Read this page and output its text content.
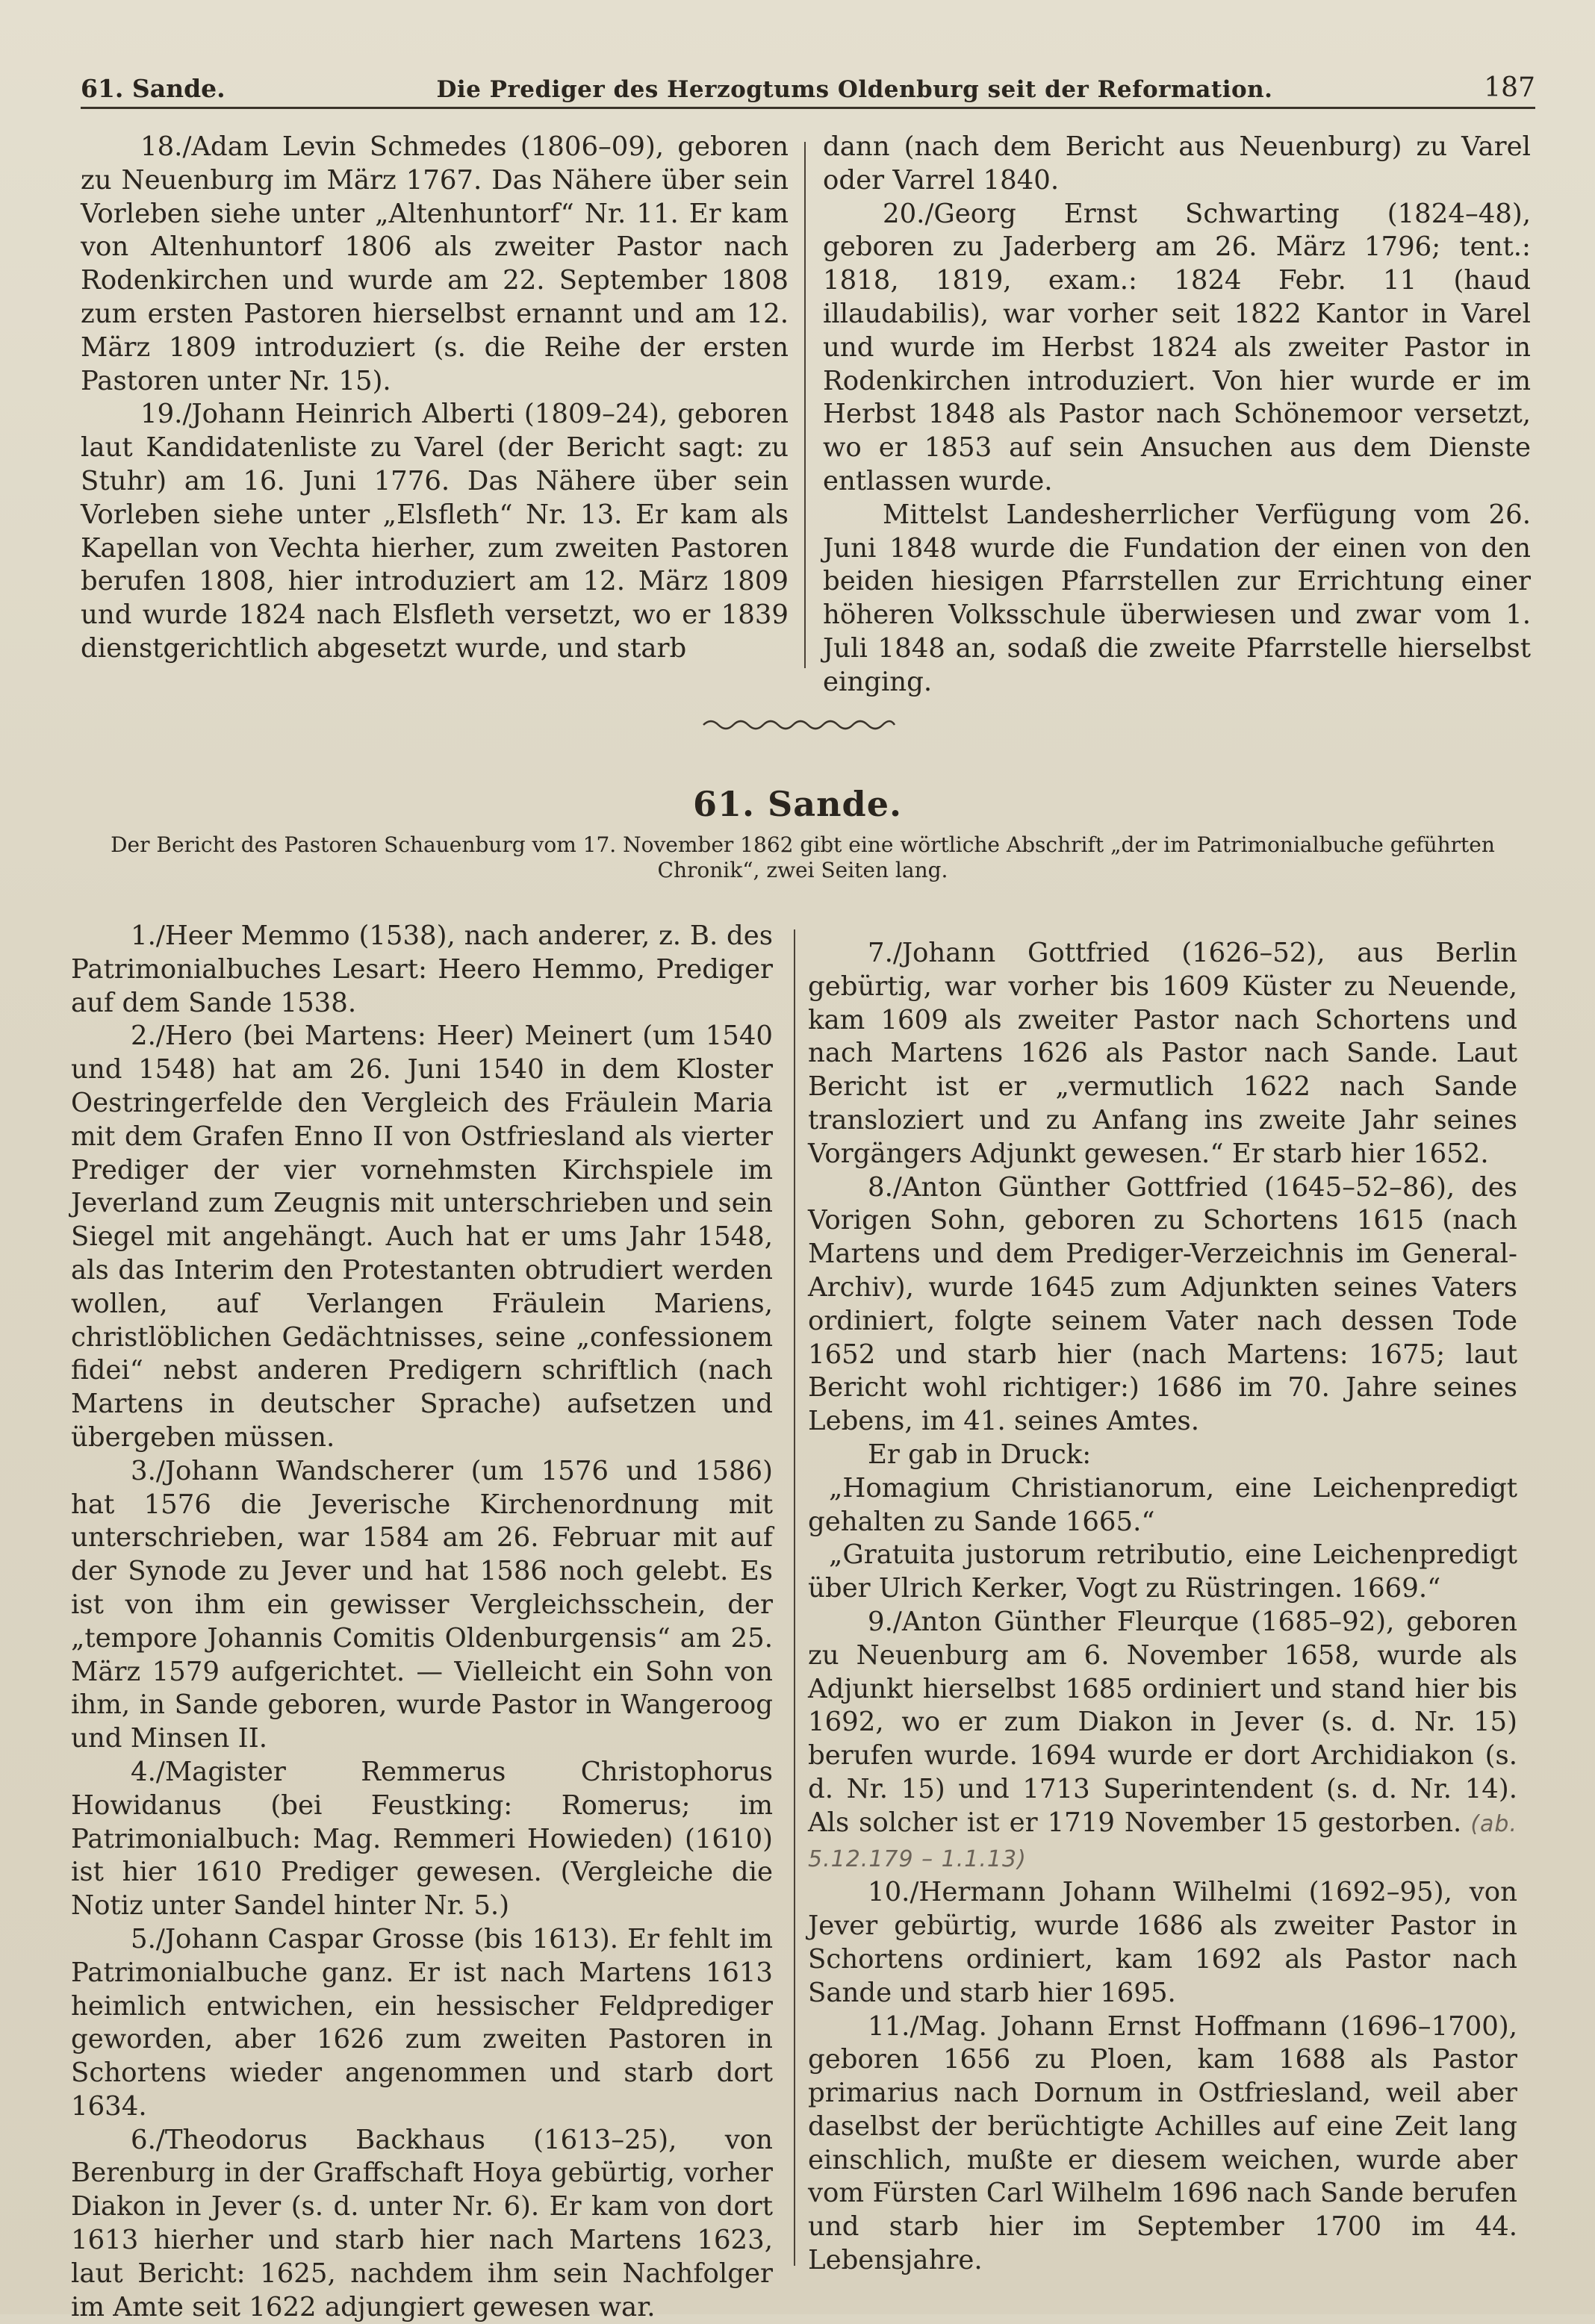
61. Sande.	Die Prediger des Herzogtums Oldenburg seit der Reformation.	187

18./Adam Levin Schmedes (1806–09), geboren zu Neuenburg im März 1767. Das Nähere über sein Vorleben siehe unter „Altenhuntorf“ Nr. 11. Er kam von Altenhuntorf 1806 als zweiter Pastor nach Rodenkirchen und wurde am 22. September 1808 zum ersten Pastoren hierselbst ernannt und am 12. März 1809 introduziert (s. die Reihe der ersten Pastoren unter Nr. 15).

19./Johann Heinrich Alberti (1809–24), geboren laut Kandidatenliste zu Varel (der Bericht sagt: zu Stuhr) am 16. Juni 1776. Das Nähere über sein Vorleben siehe unter „Elsfleth“ Nr. 13. Er kam als Kapellan von Vechta hierher, zum zweiten Pastoren berufen 1808, hier introduziert am 12. März 1809 und wurde 1824 nach Elsfleth versetzt, wo er 1839 dienstgerichtlich abgesetzt wurde, und starb

dann (nach dem Bericht aus Neuenburg) zu Varel oder Varrel 1840.

20./Georg Ernst Schwarting (1824–48), geboren zu Jaderberg am 26. März 1796; tent.: 1818, 1819, exam.: 1824 Febr. 11 (haud illaudabilis), war vorher seit 1822 Kantor in Varel und wurde im Herbst 1824 als zweiter Pastor in Rodenkirchen introduziert. Von hier wurde er im Herbst 1848 als Pastor nach Schönemoor versetzt, wo er 1853 auf sein Ansuchen aus dem Dienste entlassen wurde.

Mittelst Landesherrlicher Verfügung vom 26. Juni 1848 wurde die Fundation der einen von den beiden hiesigen Pfarrstellen zur Errichtung einer höheren Volksschule überwiesen und zwar vom 1. Juli 1848 an, sodaß die zweite Pfarrstelle hierselbst einging.

61. Sande.
Der Bericht des Pastoren Schauenburg vom 17. November 1862 gibt eine wörtliche Abschrift „der im Patrimonialbuche geführten Chronik“, zwei Seiten lang.

1./Heer Memmo (1538), nach anderer, z. B. des Patrimonialbuches Lesart: Heero Hemmo, Prediger auf dem Sande 1538.

2./Hero (bei Martens: Heer) Meinert (um 1540 und 1548) hat am 26. Juni 1540 in dem Kloster Oestringerfelde den Vergleich des Fräulein Maria mit dem Grafen Enno II von Ostfriesland als vierter Prediger der vier vornehmsten Kirchspiele im Jeverland zum Zeugnis mit unterschrieben und sein Siegel mit angehängt. Auch hat er ums Jahr 1548, als das Interim den Protestanten obtrudiert werden wollen, auf Verlangen Fräulein Mariens, christlöblichen Gedächtnisses, seine „confessionem fidei“ nebst anderen Predigern schriftlich (nach Martens in deutscher Sprache) aufsetzen und übergeben müssen.

3./Johann Wandscherer (um 1576 und 1586) hat 1576 die Jeverische Kirchenordnung mit unterschrieben, war 1584 am 26. Februar mit auf der Synode zu Jever und hat 1586 noch gelebt. Es ist von ihm ein gewisser Vergleichsschein, der „tempore Johannis Comitis Oldenburgensis“ am 25. März 1579 aufgerichtet. — Vielleicht ein Sohn von ihm, in Sande geboren, wurde Pastor in Wangeroog und Minsen II.

4./Magister Remmerus Christophorus Howidanus (bei Feustking: Romerus; im Patrimonialbuch: Mag. Remmeri Howieden) (1610) ist hier 1610 Prediger gewesen. (Vergleiche die Notiz unter Sandel hinter Nr. 5.)

5./Johann Caspar Grosse (bis 1613). Er fehlt im Patrimonialbuche ganz. Er ist nach Martens 1613 heimlich entwichen, ein hessischer Feldprediger geworden, aber 1626 zum zweiten Pastoren in Schortens wieder angenommen und starb dort 1634.

6./Theodorus Backhaus (1613–25), von Berenburg in der Graffschaft Hoya gebürtig, vorher Diakon in Jever (s. d. unter Nr. 6). Er kam von dort 1613 hierher und starb hier nach Martens 1623, laut Bericht: 1625, nachdem ihm sein Nachfolger im Amte seit 1622 adjungiert gewesen war.

7./Johann Gottfried (1626–52), aus Berlin gebürtig, war vorher bis 1609 Küster zu Neuende, kam 1609 als zweiter Pastor nach Schortens und nach Martens 1626 als Pastor nach Sande. Laut Bericht ist er „vermutlich 1622 nach Sande transloziert und zu Anfang ins zweite Jahr seines Vorgängers Adjunkt gewesen.“ Er starb hier 1652.

8./Anton Günther Gottfried (1645–52–86), des Vorigen Sohn, geboren zu Schortens 1615 (nach Martens und dem Prediger-Verzeichnis im General-Archiv), wurde 1645 zum Adjunkten seines Vaters ordiniert, folgte seinem Vater nach dessen Tode 1652 und starb hier (nach Martens: 1675; laut Bericht wohl richtiger:) 1686 im 70. Jahre seines Lebens, im 41. seines Amtes.

Er gab in Druck:

„Homagium Christianorum, eine Leichenpredigt gehalten zu Sande 1665.“

„Gratuita justorum retributio, eine Leichenpredigt über Ulrich Kerker, Vogt zu Rüstringen. 1669.“

9./Anton Günther Fleurque (1685–92), geboren zu Neuenburg am 6. November 1658, wurde als Adjunkt hierselbst 1685 ordiniert und stand hier bis 1692, wo er zum Diakon in Jever (s. d. Nr. 15) berufen wurde. 1694 wurde er dort Archidiakon (s. d. Nr. 15) und 1713 Superintendent (s. d. Nr. 14). Als solcher ist er 1719 November 15 gestorben. (ab. 5.12.179 – 1.1.13)

10./Hermann Johann Wilhelmi (1692–95), von Jever gebürtig, wurde 1686 als zweiter Pastor in Schortens ordiniert, kam 1692 als Pastor nach Sande und starb hier 1695.

11./Mag. Johann Ernst Hoffmann (1696–1700), geboren 1656 zu Ploen, kam 1688 als Pastor primarius nach Dornum in Ostfriesland, weil aber daselbst der berüchtigte Achilles auf eine Zeit lang einschlich, mußte er diesem weichen, wurde aber vom Fürsten Carl Wilhelm 1696 nach Sande berufen und starb hier im September 1700 im 44. Lebensjahre.
